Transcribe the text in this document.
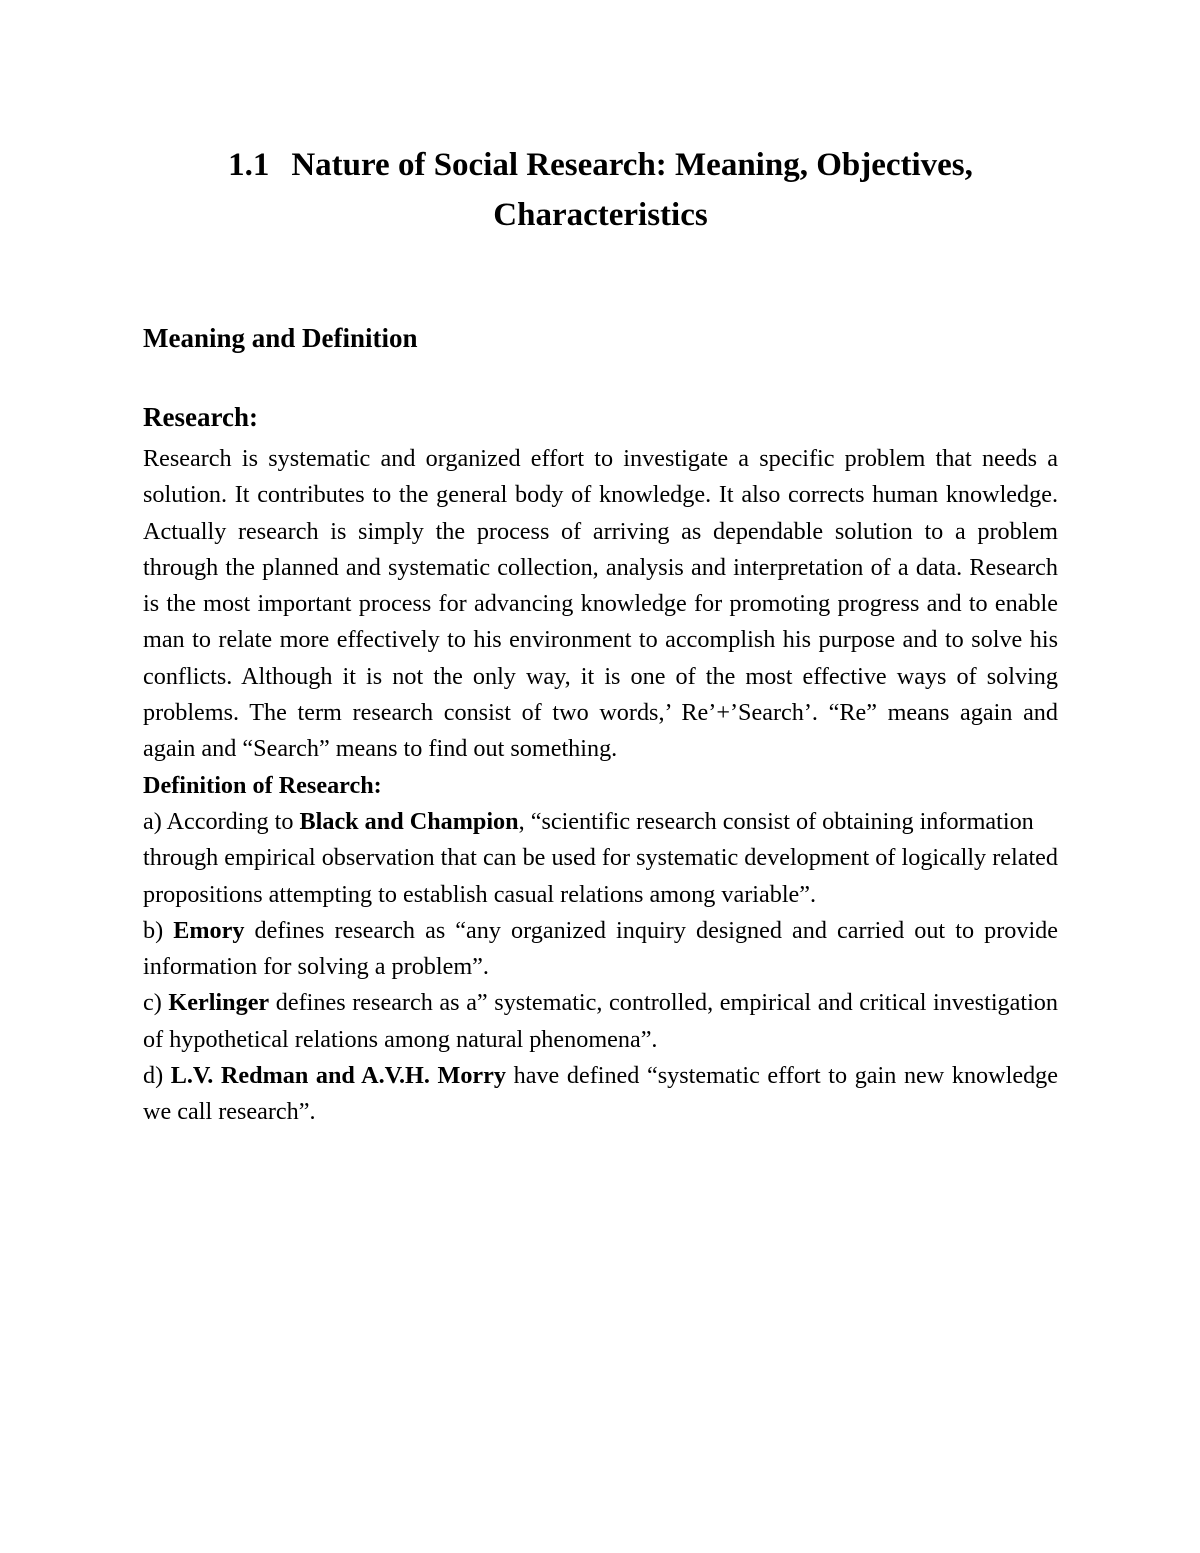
1.1 Nature of Social Research: Meaning, Objectives,
Characteristics
Meaning and Definition
Research:

Research is systematic and organized effort to investigate a specific problem that needs a solution. It contributes to the general body of knowledge. It also corrects human knowledge. Actually research is simply the process of arriving as dependable solution to a problem through the planned and systematic collection, analysis and interpretation of a data. Research is the most important process for advancing knowledge for promoting progress and to enable man to relate more effectively to his environment to accomplish his purpose and to solve his conflicts. Although it is not the only way, it is one of the most effective ways of solving problems. The term research consist of two words,’ Re’+’Search’. “Re” means again and again and “Search” means to find out something.

Definition of Research:

a) According to Black and Champion, “scientific research consist of obtaining information

through empirical observation that can be used for systematic development of logically related propositions attempting to establish casual relations among variable”.

b) Emory defines research as “any organized inquiry designed and carried out to provide information for solving a problem”.

c) Kerlinger defines research as a” systematic, controlled, empirical and critical investigation of hypothetical relations among natural phenomena”.

d) L.V. Redman and A.V.H. Morry have defined “systematic effort to gain new knowledge we call research”.
